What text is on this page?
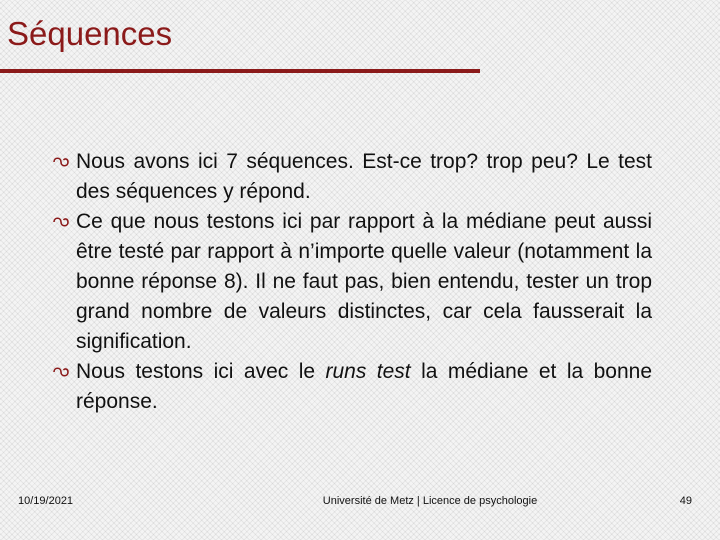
Séquences

Nous avons ici 7 séquences. Est-ce trop? trop peu? Le test des séquences y répond.

Ce que nous testons ici par rapport à la médiane peut aussi être testé par rapport à n’importe quelle valeur (notamment la bonne réponse 8). Il ne faut pas, bien entendu, tester un trop grand nombre de valeurs distinctes, car cela fausserait la signification.

Nous testons ici avec le runs test la médiane et la bonne réponse.

10/19/2021	Université de Metz | Licence de psychologie	49
